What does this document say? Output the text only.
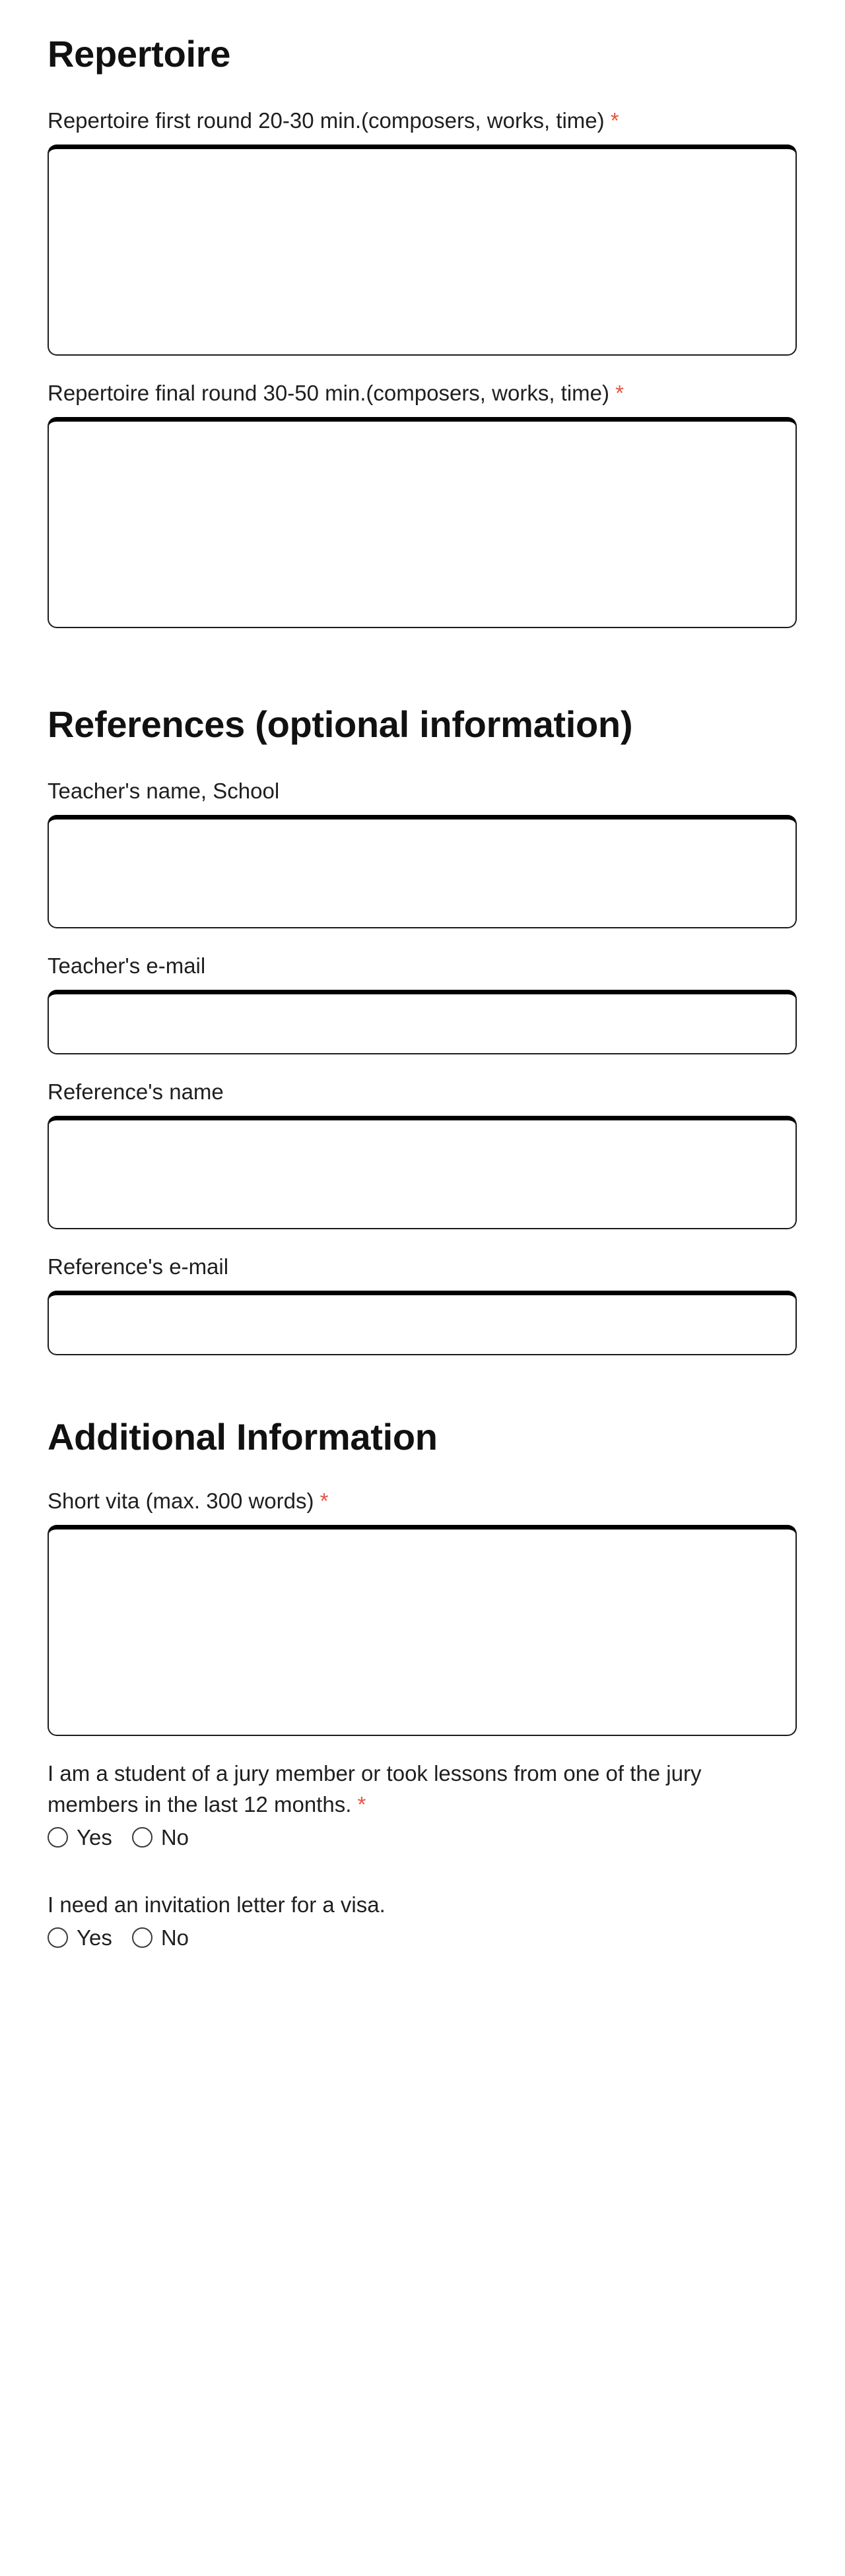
Repertoire
Repertoire first round 20-30 min.(composers, works, time) *
Repertoire final round 30-50 min.(composers, works, time) *
References (optional information)
Teacher's name, School
Teacher's e-mail
Reference's name
Reference's e-mail
Additional Information
Short vita (max. 300 words) *
I am a student of a jury member or took lessons from one of the jury members in the last 12 months. *
Yes No
I need an invitation letter for a visa.
Yes No
